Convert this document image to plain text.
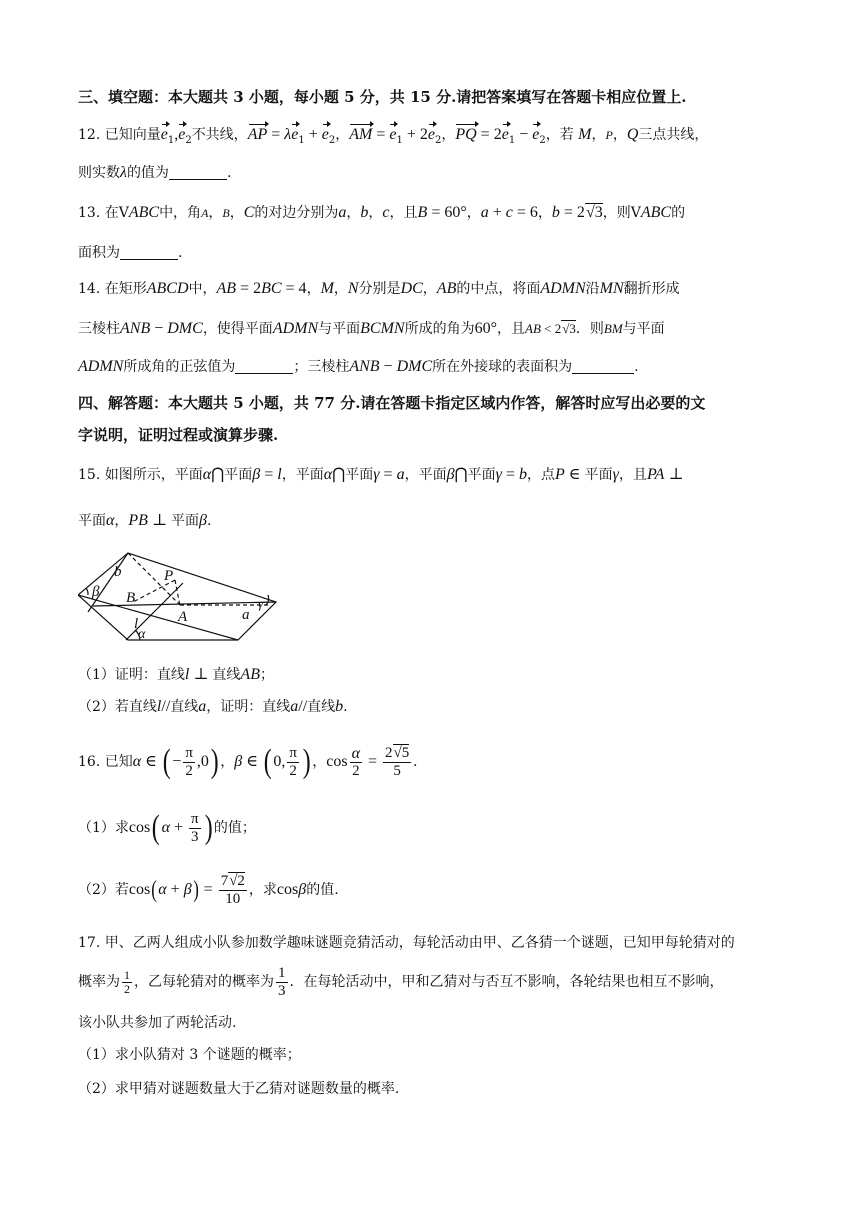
三、填空题：本大题共 3 小题，每小题 5 分，共 15 分.请把答案填写在答题卡相应位置上.
12. 已知向量$e_1,e_2$不共线，AP = $\lambda e_1 + e_2$，AM = $e_1 + 2e_2$，PQ = $2e_1 - e_2$，若 M，P，Q三点共线，
则实数λ的值为	.
13. 在VABC中，角A，B，C的对边分别为a，b，c，且B = 60°，a + c = 6，b = 2√3，则VABC的
面积为	.
14. 在矩形ABCD中，AB = 2BC = 4，M，N分别是DC，AB的中点，将面ADMN沿MN翻折形成
三棱柱ANB − DMC，使得平面ADMN与平面BCMN所成的角为60°，且AB < 2√3．则BM与平面
ADMN所成角的正弦值为	；三棱柱ANB − DMC所在外接球的表面积为	.
四、解答题：本大题共 5 小题，共 77 分.请在答题卡指定区域内作答，解答时应写出必要的文
字说明，证明过程或演算步骤.
15. 如图所示，平面α⋂平面β = l，平面α⋂平面γ = a，平面β⋂平面γ = b，点P ∈ 平面γ，且PA ⊥
平面α，PB ⊥ 平面β.
b
β
P
B
A	a
γ
l
α
（1）证明：直线l ⊥ 直线AB；
（2）若直线l//直线a，证明：直线a//直线b.
16. 已知α ∈ ( − $\frac{\pi}{2} ,0$) ，β ∈ ( 0, $\frac{\pi}{2}$ ) ，$\cos \frac{\alpha}{2} = \frac{2√5}{5}$ .
（1）求cos( $\alpha + \frac{\pi}{3}$ ) 的值；
（2）若$\cos(\alpha + \beta) = \frac{7√2}{10}$ ，求cosβ的值.
17. 甲、乙两人组成小队参加数学趣味谜题竞猜活动，每轮活动由甲、乙各猜一个谜题，已知甲每轮猜对的
概率为 $\frac{1}{2}$ ，乙每轮猜对的概率为 $\frac{1}{3}$ ．在每轮活动中，甲和乙猜对与否互不影响，各轮结果也相互不影响，
该小队共参加了两轮活动.
（1）求小队猜对 3 个谜题的概率；
（2）求甲猜对谜题数量大于乙猜对谜题数量的概率.
